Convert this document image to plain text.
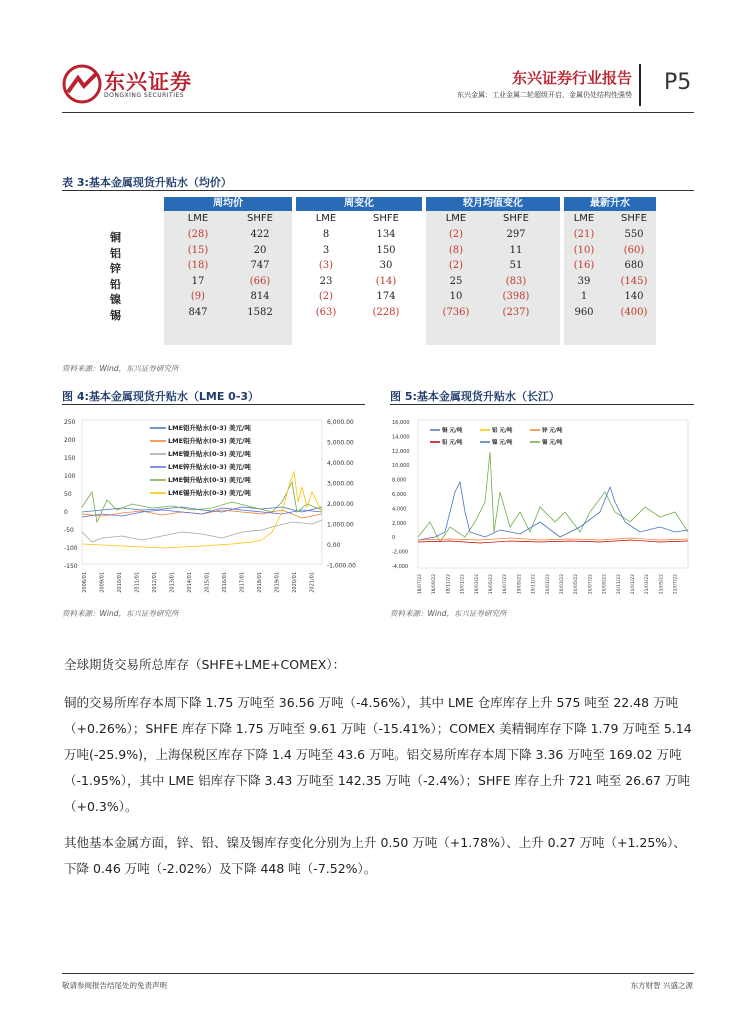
东兴证券
DONGXING SECURITIES
东兴证券行业报告
东兴金属：工业金属二轮超级开启，金属仍处结构性强势 P5
表 3:基本金属现货升贴水（均价）
周均价	周变化	较月均值变化	最新升水
LME	SHFE	LME	SHFE	LME	SHFE	LME	SHFE
铜	(28)	422	8	134	(2)	297	(21)	550
铝	(15)	20	3	150	(8)	11	(10)	(60)
锌	(18)	747	(3)	30	(2)	51	(16)	680
铅	17	(66)	23	(14)	25	(83)	39	(145)
镍	(9)	814	(2)	174	10	(398)	1	140
锡	847	1582	(63)	(228)	(736)	(237)	960	(400)
资料来源：Wind，东兴证券研究所
图 4:基本金属现货升贴水（LME 0-3）
250
200
150
100
50
0
-50
-100
-150
6,000.00
5,000.00
4,000.00
3,000.00
2,000.00
1,000.00
0.00
-1,000.00
2008/01 2009/01 2010/01 2011/01 2012/01 2013/01 2014/01 2015/01 2016/01 2017/01 2018/01 2019/01 2020/01 2021/01
LME铝升贴水(0-3) 美元/吨
LME铅升贴水(0-3) 美元/吨
LME镍升贴水(0-3) 美元/吨
LME锌升贴水(0-3) 美元/吨
LME铜升贴水(0-3) 美元/吨
LME锡升贴水(0-3) 美元/吨
资料来源：Wind，东兴证券研究所
图 5:基本金属现货升贴水（长江）
16,000
14,000
12,000
10,000
8,000
6,000
4,000
2,000
0
-2,000
-4,000
18/07/22 18/09/22 18/11/22 19/01/22 19/03/22 19/05/22 19/07/22 19/09/22 19/11/22 20/01/22 20/03/22 20/05/22 20/07/22 20/09/22 20/11/22 21/01/22 21/03/22 21/05/22 21/07/22
铜 元/吨	铝 元/吨	锌 元/吨
铅 元/吨	镍 元/吨	锡 元/吨
资料来源：Wind，东兴证券研究所
全球期货交易所总库存（SHFE+LME+COMEX）：
铜的交易所库存本周下降 1.75 万吨至 36.56 万吨（-4.56%），其中 LME 仓库库存上升 575 吨至 22.48 万吨（+0.26%）；SHFE 库存下降 1.75 万吨至 9.61 万吨（-15.41%）；COMEX 美精铜库存下降 1.79 万吨至 5.14 万吨(-25.9%)，上海保税区库存下降 1.4 万吨至 43.6 万吨。铝交易所库存本周下降 3.36 万吨至 169.02 万吨（-1.95%），其中 LME 铝库存下降 3.43 万吨至 142.35 万吨（-2.4%）；SHFE 库存上升 721 吨至 26.67 万吨（+0.3%）。
其他基本金属方面，锌、铅、镍及锡库存变化分别为上升 0.50 万吨（+1.78%）、上升 0.27 万吨（+1.25%）、下降 0.46 万吨（-2.02%）及下降 448 吨（-7.52%）。
敬请参阅报告结尾处的免责声明	东方财智 兴盛之源
